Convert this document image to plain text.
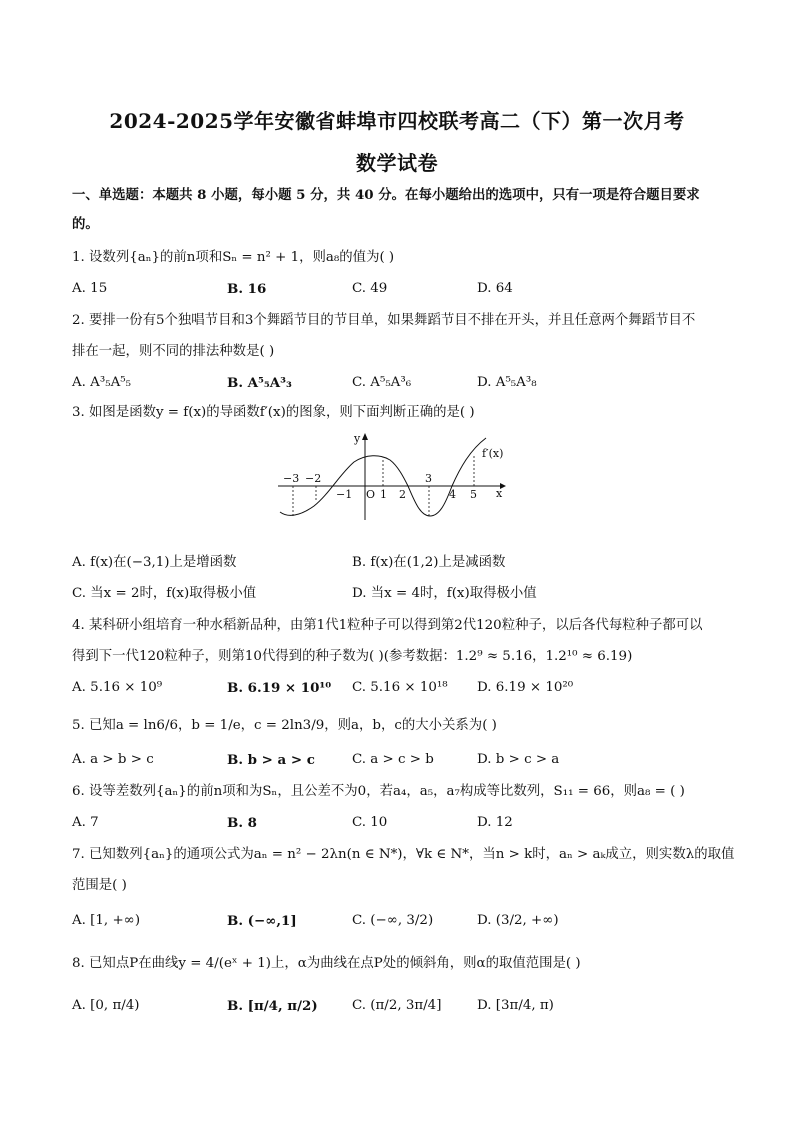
2024-2025学年安徽省蚌埠市四校联考高二（下）第一次月考
数学试卷
一、单选题：本题共 8 小题，每小题 5 分，共 40 分。在每小题给出的选项中，只有一项是符合题目要求
的。
1. 设数列{aₙ}的前n项和Sₙ = n² + 1，则a₈的值为( )
A. 15	B. 16	C. 49	D. 64
2. 要排一份有5个独唱节目和3个舞蹈节目的节目单，如果舞蹈节目不排在开头，并且任意两个舞蹈节目不
排在一起，则不同的排法种数是( )
A. A³₅A⁵₅	B. A⁵₅A³₃	C. A⁵₅A³₆	D. A⁵₅A³₈
3. 如图是函数y = f(x)的导函数f′(x)的图象，则下面判断正确的是( )
y
x
O
f′(x)
−3 −2
−1	1 2
3
4 5
A. f(x)在(−3,1)上是增函数	B. f(x)在(1,2)上是减函数
C. 当x = 2时，f(x)取得极小值	D. 当x = 4时，f(x)取得极小值
4. 某科研小组培育一种水稻新品种，由第1代1粒种子可以得到第2代120粒种子，以后各代每粒种子都可以
得到下一代120粒种子，则第10代得到的种子数为( )(参考数据：1.2⁹ ≈ 5.16，1.2¹⁰ ≈ 6.19)
A. 5.16 × 10⁹	B. 6.19 × 10¹⁰ C. 5.16 × 10¹⁸ D. 6.19 × 10²⁰
5. 已知a = ln6/6，b = 1/e，c = 2ln3/9，则a，b，c的大小关系为( )
A. a > b > c	B. b > a > c	C. a > c > b	D. b > c > a
6. 设等差数列{aₙ}的前n项和为Sₙ，且公差不为0，若a₄，a₅，a₇构成等比数列，S₁₁ = 66，则a₈ = ( )
A. 7	B. 8	C. 10	D. 12
7. 已知数列{aₙ}的通项公式为aₙ = n² − 2λn(n ∈ N*)，∀k ∈ N*，当n > k时，aₙ > aₖ成立，则实数λ的取值
范围是( )
A. [1, +∞)	B. (−∞,1]	C. (−∞, 3/2)	D. (3/2, +∞)
8. 已知点P在曲线y = 4/(eˣ + 1)上，α为曲线在点P处的倾斜角，则α的取值范围是( )
A. [0, π/4)	B. [π/4, π/2)	C. (π/2, 3π/4]	D. [3π/4, π)
